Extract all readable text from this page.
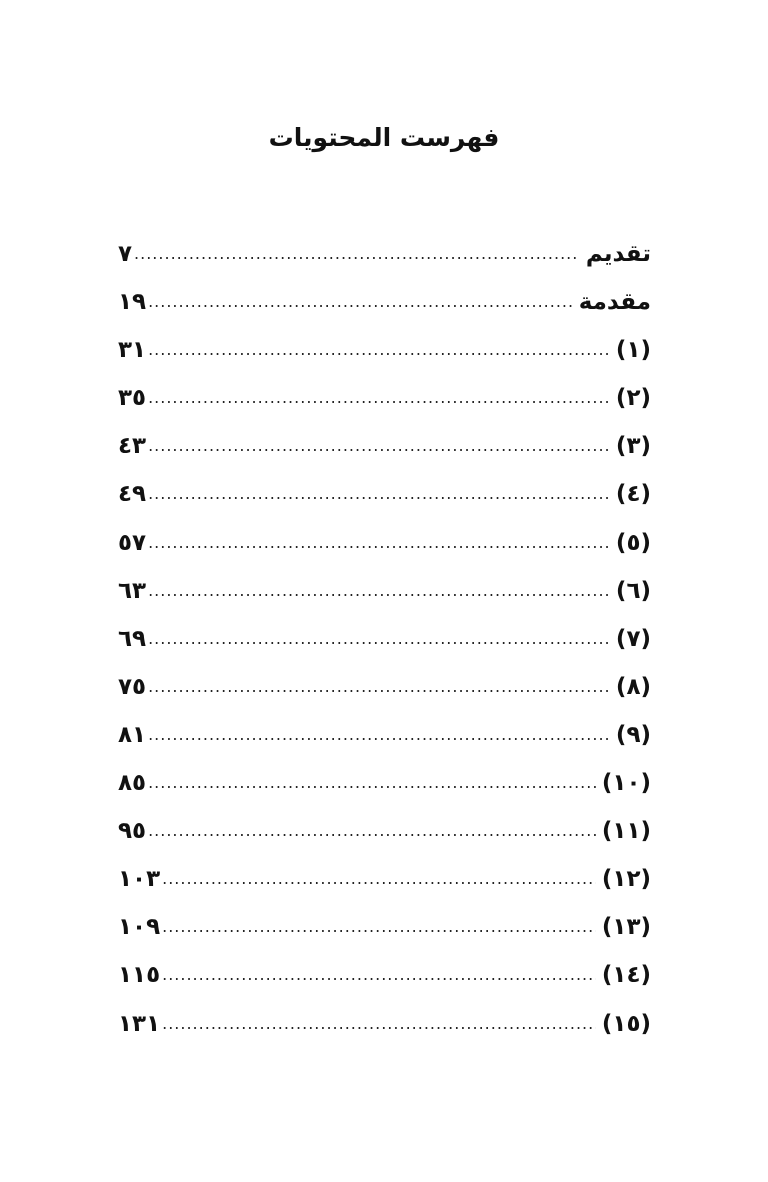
فهرست المحتويات
تقديم
.....
٧
مقدمة
.....
١٩
(١)
.....
٣١
(٢)
.....
٣٥
(٣)
.....
٤٣
(٤)
.....
٤٩
(٥)
.....
٥٧
(٦)
.....
٦٣
(٧)
.....
٦٩
(٨)
.....
٧٥
(٩)
.....
٨١
(١٠)
.....
٨٥
(١١)
.....
٩٥
(١٢)
.....
١٠٣
(١٣)
.....
١٠٩
(١٤)
.....
١١٥
(١٥)
.....
١٣١
